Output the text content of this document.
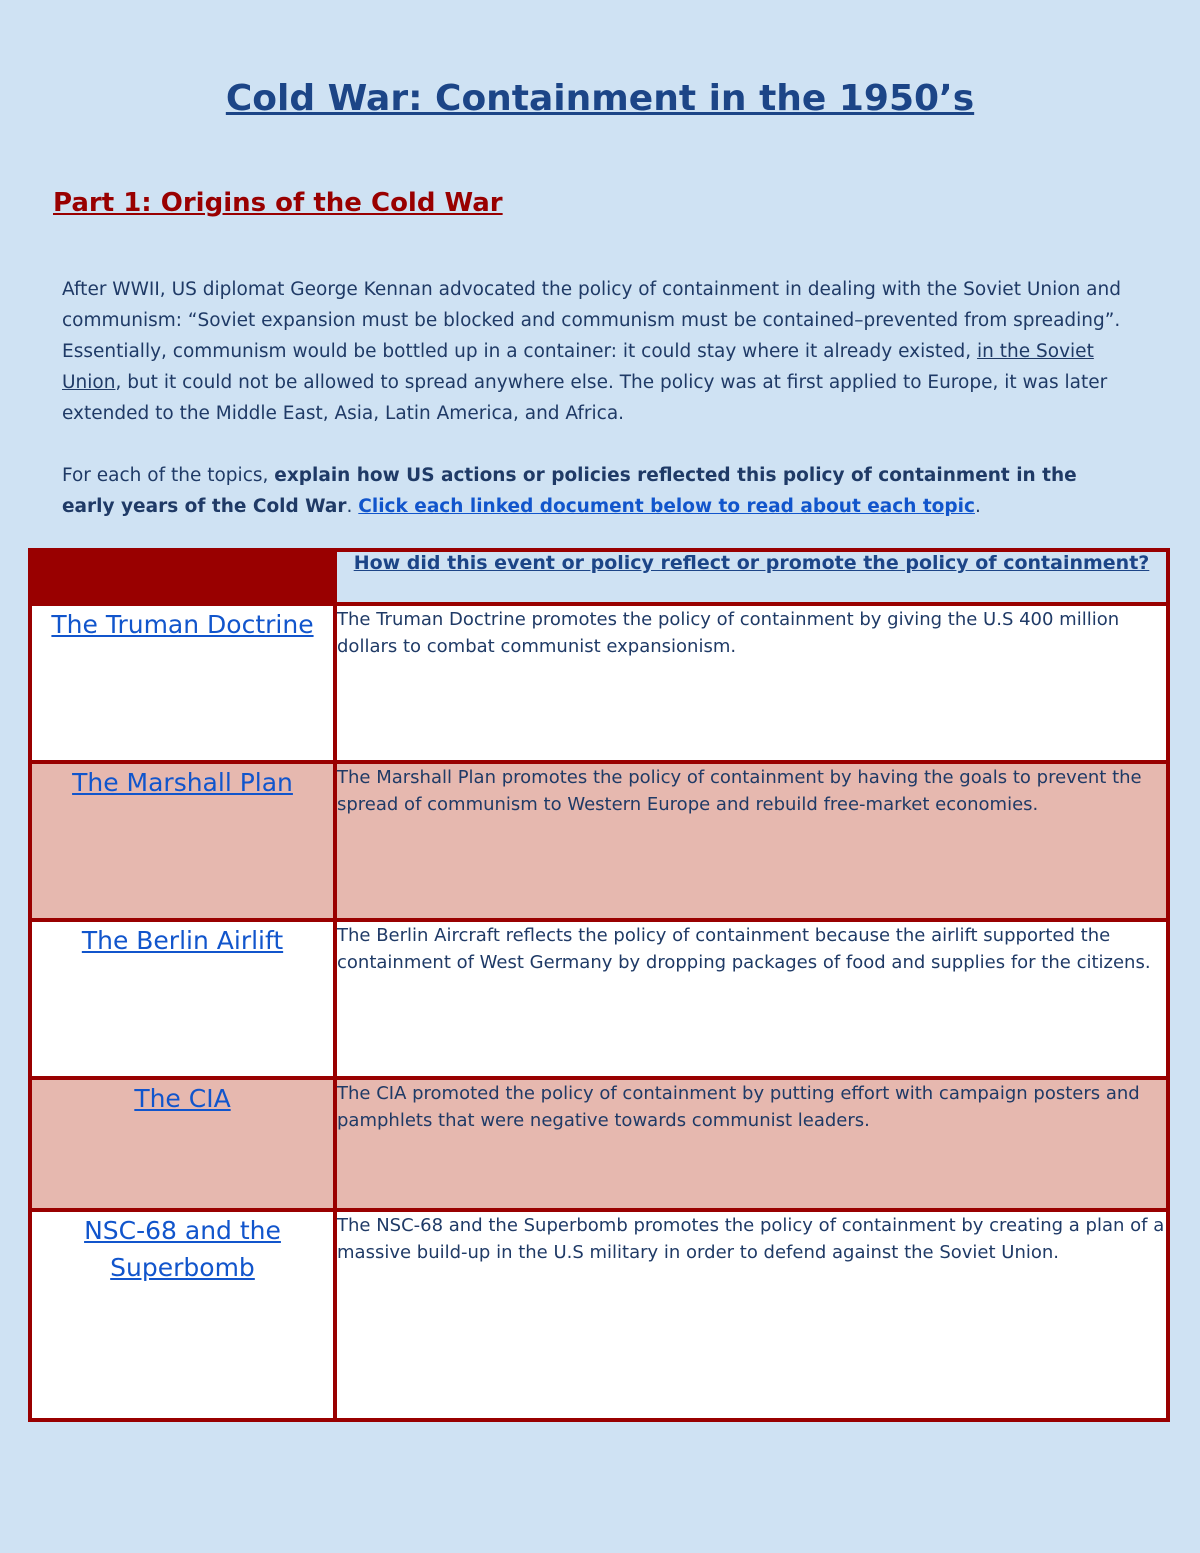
Cold War: Containment in the 1950’s
Part 1: Origins of the Cold War

After WWII, US diplomat George Kennan advocated the policy of containment in dealing with the Soviet Union and communism: “Soviet expansion must be blocked and communism must be contained–prevented from spreading”. Essentially, communism would be bottled up in a container: it could stay where it already existed, in the Soviet Union, but it could not be allowed to spread anywhere else. The policy was at first applied to Europe, it was later extended to the Middle East, Asia, Latin America, and Africa.

For each of the topics, explain how US actions or policies reflected this policy of containment in the early years of the Cold War. Click each linked document below to read about each topic.

	How did this event or policy reflect or promote the policy of containment?
The Truman Doctrine	The Truman Doctrine promotes the policy of containment by giving the U.S 400 million dollars to combat communist expansionism.
The Marshall Plan	The Marshall Plan promotes the policy of containment by having the goals to prevent the spread of communism to Western Europe and rebuild free-market economies.
The Berlin Airlift	The Berlin Aircraft reflects the policy of containment because the airlift supported the containment of West Germany by dropping packages of food and supplies for the citizens.
The CIA	The CIA promoted the policy of containment by putting effort with campaign posters and pamphlets that were negative towards communist leaders.
NSC-68 and the Superbomb	The NSC-68 and the Superbomb promotes the policy of containment by creating a plan of a massive build-up in the U.S military in order to defend against the Soviet Union.
